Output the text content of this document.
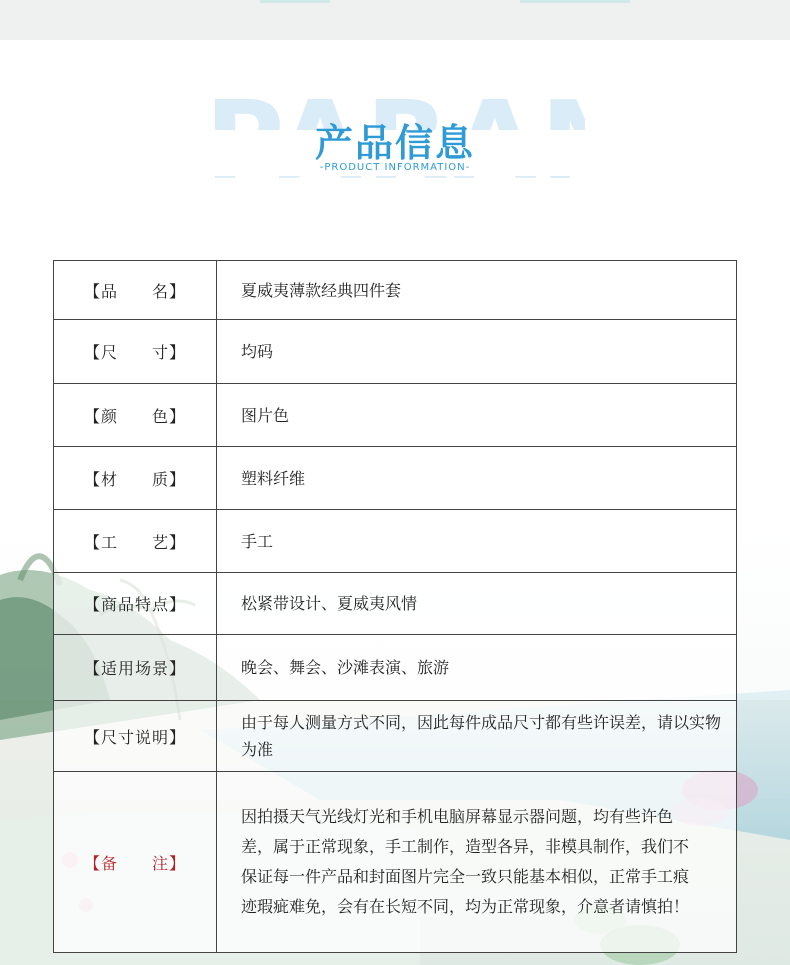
产品信息
-PRODUCT INFORMATION-
【品　　名】	夏威夷薄款经典四件套
【尺　　寸】	均码
【颜　　色】	图片色
【材　　质】	塑料纤维
【工　　艺】	手工
【商品特点】	松紧带设计、夏威夷风情
【适用场景】	晚会、舞会、沙滩表演、旅游
【尺寸说明】	由于每人测量方式不同，因此每件成品尺寸都有些许误差，请以实物为准
【备　　注】	因拍摄天气光线灯光和手机电脑屏幕显示器问题，均有些许色差，属于正常现象，手工制作，造型各异，非模具制作，我们不保证每一件产品和封面图片完全一致只能基本相似，正常手工痕迹瑕疵难免，会有在长短不同，均为正常现象，介意者请慎拍！
